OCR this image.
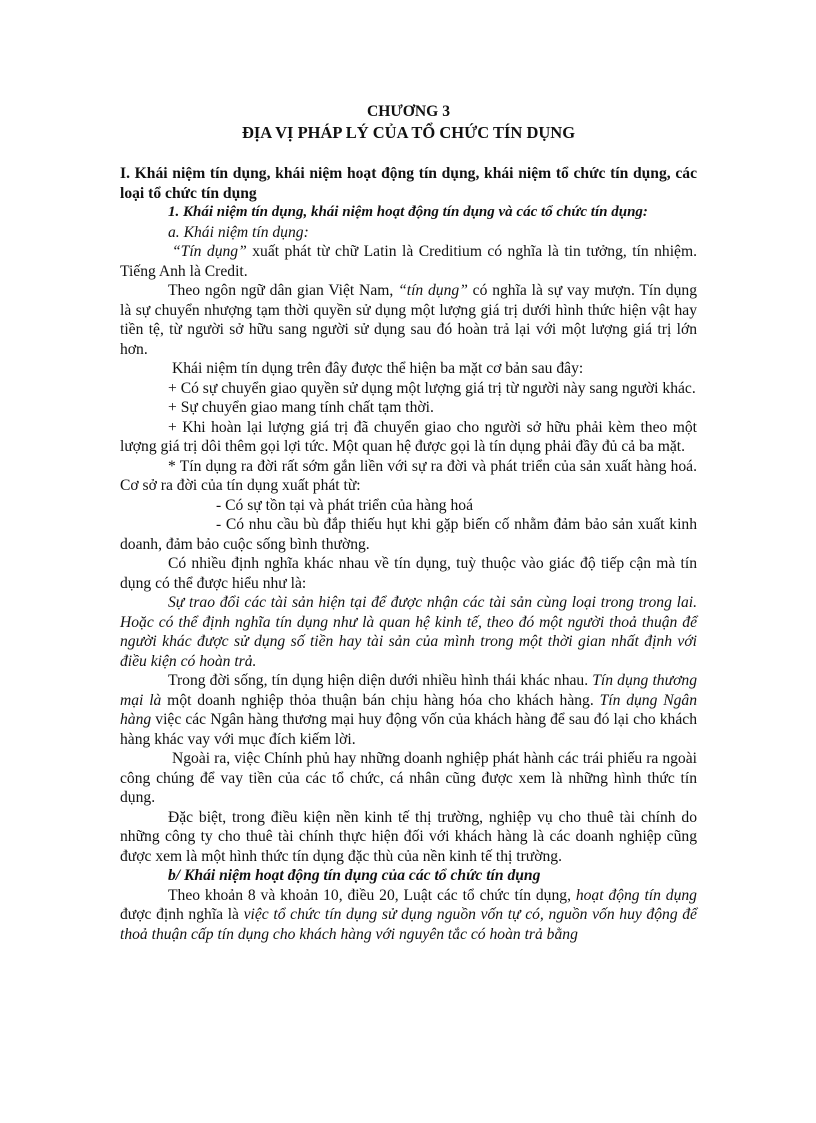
CHƯƠNG 3

ĐỊA VỊ PHÁP LÝ CỦA TỔ CHỨC TÍN DỤNG

I. Khái niệm tín dụng, khái niệm hoạt động tín dụng, khái niệm tổ chức tín dụng, các loại tổ chức tín dụng

1. Khái niệm tín dụng, khái niệm hoạt động tín dụng và các tổ chức tín dụng:

a. Khái niệm tín dụng:

“Tín dụng” xuất phát từ chữ Latin là Creditium có nghĩa là tin tưởng, tín nhiệm. Tiếng Anh là Credit.

Theo ngôn ngữ dân gian Việt Nam, “tín dụng” có nghĩa là sự vay mượn. Tín dụng là sự chuyển nhượng tạm thời quyền sử dụng một lượng giá trị dưới hình thức hiện vật hay tiền tệ, từ người sở hữu sang người sử dụng sau đó hoàn trả lại với một lượng giá trị lớn hơn.

Khái niệm tín dụng trên đây được thể hiện ba mặt cơ bản sau đây:

+ Có sự chuyển giao quyền sử dụng một lượng giá trị từ người này sang người khác.

+ Sự chuyển giao mang tính chất tạm thời.

+ Khi hoàn lại lượng giá trị đã chuyển giao cho người sở hữu phải kèm theo một lượng giá trị dôi thêm gọi lợi tức. Một quan hệ được gọi là tín dụng phải đầy đủ cả ba mặt.

* Tín dụng ra đời rất sớm gắn liền với sự ra đời và phát triển của sản xuất hàng hoá. Cơ sở ra đời của tín dụng xuất phát từ:

- Có sự tồn tại và phát triển của hàng hoá

- Có nhu cầu bù đắp thiếu hụt khi gặp biến cố nhằm đảm bảo sản xuất kinh doanh, đảm bảo cuộc sống bình thường.

Có nhiều định nghĩa khác nhau về tín dụng, tuỳ thuộc vào giác độ tiếp cận mà tín dụng có thể được hiểu như là:

Sự trao đổi các tài sản hiện tại để được nhận các tài sản cùng loại trong trong lai. Hoặc có thể định nghĩa tín dụng như là quan hệ kinh tế, theo đó một người thoả thuận để người khác được sử dụng số tiền hay tài sản của mình trong một thời gian nhất định với điều kiện có hoàn trả.

Trong đời sống, tín dụng hiện diện dưới nhiều hình thái khác nhau. Tín dụng thương mại là một doanh nghiệp thỏa thuận bán chịu hàng hóa cho khách hàng. Tín dụng Ngân hàng việc các Ngân hàng thương mại huy động vốn của khách hàng để sau đó lại cho khách hàng khác vay với mục đích kiếm lời.

Ngoài ra, việc Chính phủ hay những doanh nghiệp phát hành các trái phiếu ra ngoài công chúng để vay tiền của các tổ chức, cá nhân cũng được xem là những hình thức tín dụng.

Đặc biệt, trong điều kiện nền kinh tế thị trường, nghiệp vụ cho thuê tài chính do những công ty cho thuê tài chính thực hiện đối với khách hàng là các doanh nghiệp cũng được xem là một hình thức tín dụng đặc thù của nền kinh tế thị trường.

b/ Khái niệm hoạt động tín dụng của các tổ chức tín dụng

Theo khoản 8 và khoản 10, điều 20, Luật các tổ chức tín dụng, hoạt động tín dụng được định nghĩa là việc tổ chức tín dụng sử dụng nguồn vốn tự có, nguồn vốn huy động để thoả thuận cấp tín dụng cho khách hàng với nguyên tắc có hoàn trả bằng
